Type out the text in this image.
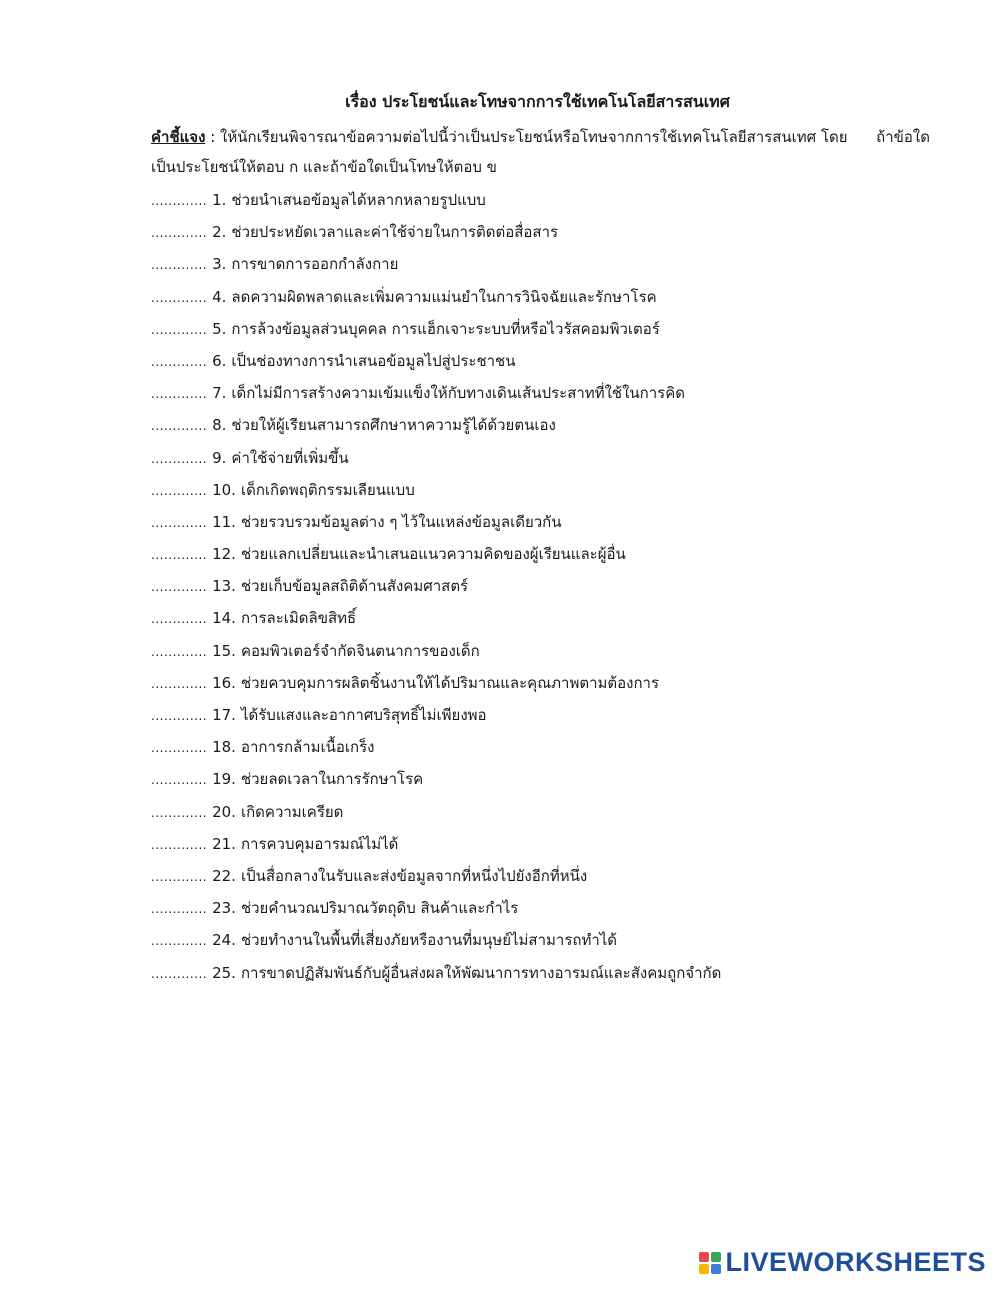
เรื่อง ประโยชน์และโทษจากการใช้เทคโนโลยีสารสนเทศ
คำชี้แจง : ให้นักเรียนพิจารณาข้อความต่อไปนี้ว่าเป็นประโยชน์หรือโทษจากการใช้เทคโนโลยีสารสนเทศ โดย      ถ้าข้อใดเป็นประโยชน์ให้ตอบ ก และถ้าข้อใดเป็นโทษให้ตอบ ข
............. 1. ช่วยนำเสนอข้อมูลได้หลากหลายรูปแบบ
............. 2. ช่วยประหยัดเวลาและค่าใช้จ่ายในการติดต่อสื่อสาร
............. 3. การขาดการออกกำลังกาย
............. 4. ลดความผิดพลาดและเพิ่มความแม่นยำในการวินิจฉัยและรักษาโรค
............. 5. การล้วงข้อมูลส่วนบุคคล การแฮ็กเจาะระบบที่หรือไวรัสคอมพิวเตอร์
............. 6. เป็นช่องทางการนำเสนอข้อมูลไปสู่ประชาชน
............. 7. เด็กไม่มีการสร้างความเข้มแข็งให้กับทางเดินเส้นประสาทที่ใช้ในการคิด
............. 8. ช่วยให้ผู้เรียนสามารถศึกษาหาความรู้ได้ด้วยตนเอง
............. 9. ค่าใช้จ่ายที่เพิ่มขึ้น
............. 10. เด็กเกิดพฤติกรรมเลียนแบบ
............. 11. ช่วยรวบรวมข้อมูลต่าง ๆ ไว้ในแหล่งข้อมูลเดียวกัน
............. 12. ช่วยแลกเปลี่ยนและนำเสนอแนวความคิดของผู้เรียนและผู้อื่น
............. 13. ช่วยเก็บข้อมูลสถิติด้านสังคมศาสตร์
............. 14. การละเมิดลิขสิทธิ์
............. 15. คอมพิวเตอร์จำกัดจินตนาการของเด็ก
............. 16. ช่วยควบคุมการผลิตชิ้นงานให้ได้ปริมาณและคุณภาพตามต้องการ
............. 17. ได้รับแสงและอากาศบริสุทธิ์ไม่เพียงพอ
............. 18. อาการกล้ามเนื้อเกร็ง
............. 19. ช่วยลดเวลาในการรักษาโรค
............. 20. เกิดความเครียด
............. 21. การควบคุมอารมณ์ไม่ได้
............. 22. เป็นสื่อกลางในรับและส่งข้อมูลจากที่หนึ่งไปยังอีกที่หนึ่ง
............. 23. ช่วยคำนวณปริมาณวัตถุดิบ สินค้าและกำไร
............. 24. ช่วยทำงานในพื้นที่เสี่ยงภัยหรืองานที่มนุษย์ไม่สามารถทำได้
............. 25. การขาดปฏิสัมพันธ์กับผู้อื่นส่งผลให้พัฒนาการทางอารมณ์และสังคมถูกจำกัด
LIVEWORKSHEETS
